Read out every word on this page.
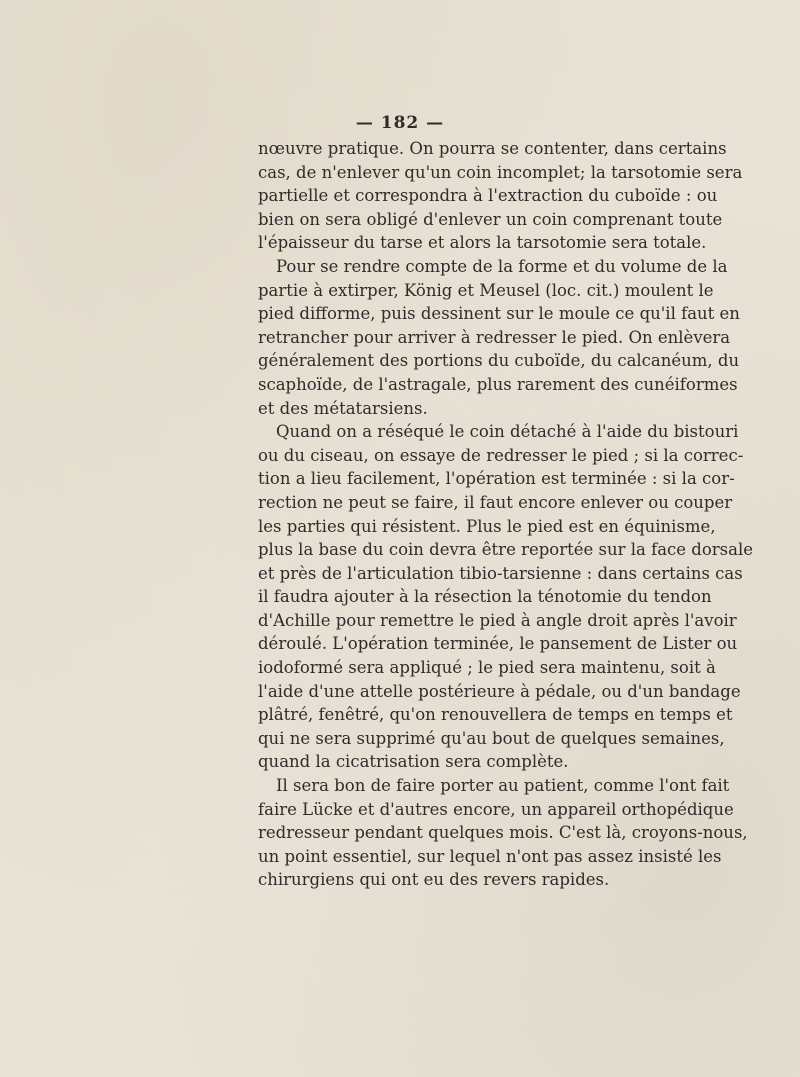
— 182 —
nœuvre pratique. On pourra se contenter, dans certains
cas, de n'enlever qu'un coin incomplet; la tarsotomie sera
partielle et correspondra à l'extraction du cuboïde : ou
bien on sera obligé d'enlever un coin comprenant toute
l'épaisseur du tarse et alors la tarsotomie sera totale.
Pour se rendre compte de la forme et du volume de la
partie à extirper, König et Meusel (loc. cit.) moulent le
pied difforme, puis dessinent sur le moule ce qu'il faut en
retrancher pour arriver à redresser le pied. On enlèvera
généralement des portions du cuboïde, du calcanéum, du
scaphoïde, de l'astragale, plus rarement des cunéiformes
et des métatarsiens.
Quand on a réséqué le coin détaché à l'aide du bistouri
ou du ciseau, on essaye de redresser le pied ; si la correc-
tion a lieu facilement, l'opération est terminée : si la cor-
rection ne peut se faire, il faut encore enlever ou couper
les parties qui résistent. Plus le pied est en équinisme,
plus la base du coin devra être reportée sur la face dorsale
et près de l'articulation tibio-tarsienne : dans certains cas
il faudra ajouter à la résection la ténotomie du tendon
d'Achille pour remettre le pied à angle droit après l'avoir
déroulé. L'opération terminée, le pansement de Lister ou
iodoformé sera appliqué ; le pied sera maintenu, soit à
l'aide d'une attelle postérieure à pédale, ou d'un bandage
plâtré, fenêtré, qu'on renouvellera de temps en temps et
qui ne sera supprimé qu'au bout de quelques semaines,
quand la cicatrisation sera complète.
Il sera bon de faire porter au patient, comme l'ont fait
faire Lücke et d'autres encore, un appareil orthopédique
redresseur pendant quelques mois. C'est là, croyons-nous,
un point essentiel, sur lequel n'ont pas assez insisté les
chirurgiens qui ont eu des revers rapides.
